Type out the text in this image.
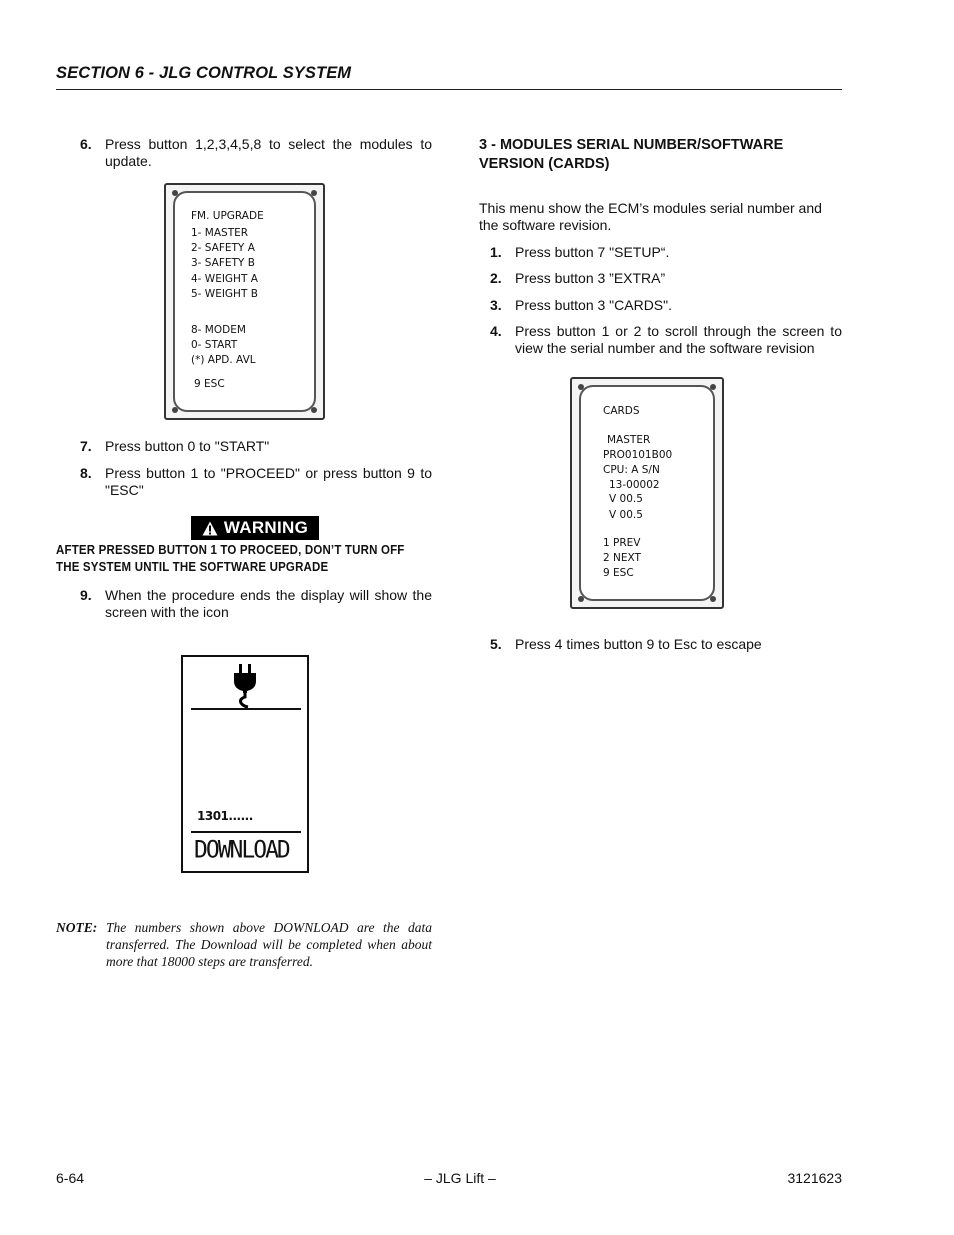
SECTION 6 - JLG CONTROL SYSTEM
6. Press button 1,2,3,4,5,8 to select the modules to update.
FM. UPGRADE
1- MASTER
2- SAFETY A
3- SAFETY B
4- WEIGHT A
5- WEIGHT B
8- MODEM
0- START
(*) APD. AVL
9 ESC
7. Press button 0 to "START"
8. Press button 1 to "PROCEED" or press button 9 to "ESC"
WARNING
AFTER PRESSED BUTTON 1 TO PROCEED, DON’T TURN OFF THE SYSTEM UNTIL THE SOFTWARE UPGRADE
9. When the procedure ends the display will show the screen with the icon
1301......
DOWNLOAD
NOTE: The numbers shown above DOWNLOAD are the data transferred. The Download will be completed when about more that 18000 steps are transferred.
3 - MODULES SERIAL NUMBER/SOFTWARE VERSION (CARDS)
This menu show the ECM’s modules serial number and the software revision.
1. Press button 7 "SETUP“.
2. Press button 3 ”EXTRA”
3. Press button 3 "CARDS".
4. Press button 1 or 2 to scroll through the screen to view the serial number and the software revision
CARDS
MASTER
PRO0101B00
CPU: A S/N
13-00002
V 00.5
V 00.5
1 PREV
2 NEXT
9 ESC
5. Press 4 times button 9 to Esc to escape
6-64	– JLG Lift –	3121623
